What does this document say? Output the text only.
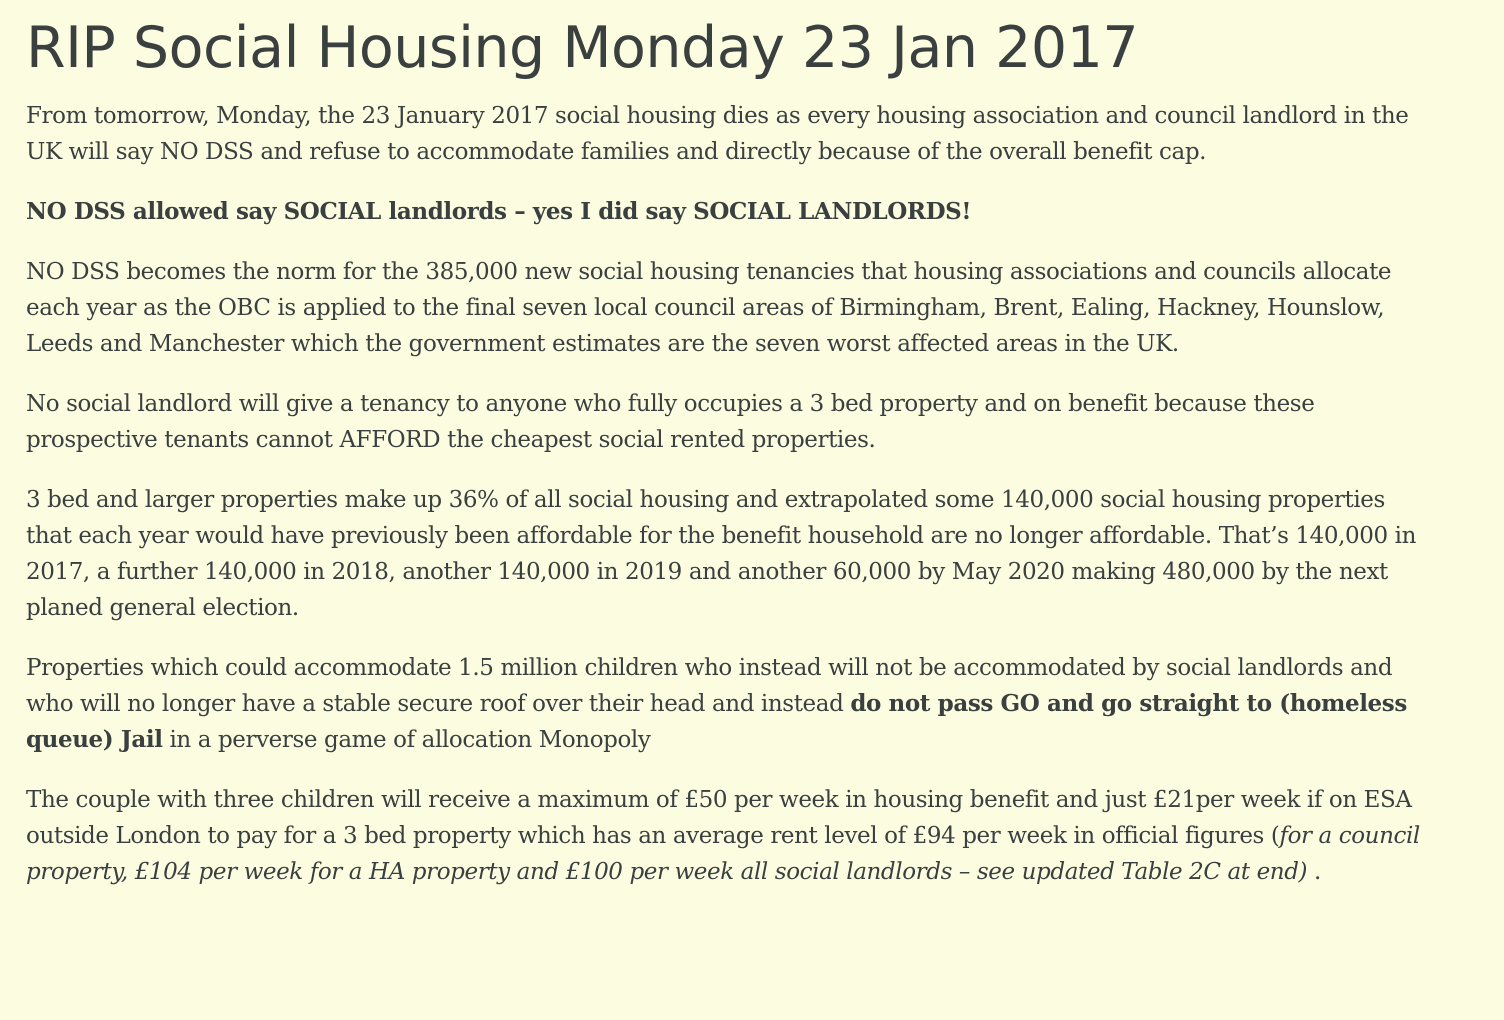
RIP Social Housing Monday 23 Jan 2017

From tomorrow, Monday, the 23 January 2017 social housing dies as every housing association and council landlord in the UK will say NO DSS and refuse to accommodate families and directly because of the overall benefit cap.

NO DSS allowed say SOCIAL landlords – yes I did say SOCIAL LANDLORDS!

NO DSS becomes the norm for the 385,000 new social housing tenancies that housing associations and councils allocate each year as the OBC is applied to the final seven local council areas of Birmingham, Brent, Ealing, Hackney, Hounslow, Leeds and Manchester which the government estimates are the seven worst affected areas in the UK.

No social landlord will give a tenancy to anyone who fully occupies a 3 bed property and on benefit because these prospective tenants cannot AFFORD the cheapest social rented properties.

3 bed and larger properties make up 36% of all social housing and extrapolated some 140,000 social housing properties that each year would have previously been affordable for the benefit household are no longer affordable. That’s 140,000 in 2017, a further 140,000 in 2018, another 140,000 in 2019 and another 60,000 by May 2020 making 480,000 by the next planed general election.

Properties which could accommodate 1.5 million children who instead will not be accommodated by social landlords and who will no longer have a stable secure roof over their head and instead do not pass GO and go straight to (homeless queue) Jail in a perverse game of allocation Monopoly

The couple with three children will receive a maximum of £50 per week in housing benefit and just £21per week if on ESA outside London to pay for a 3 bed property which has an average rent level of £94 per week in official figures (for a council property, £104 per week for a HA property and £100 per week all social landlords – see updated Table 2C at end) .
